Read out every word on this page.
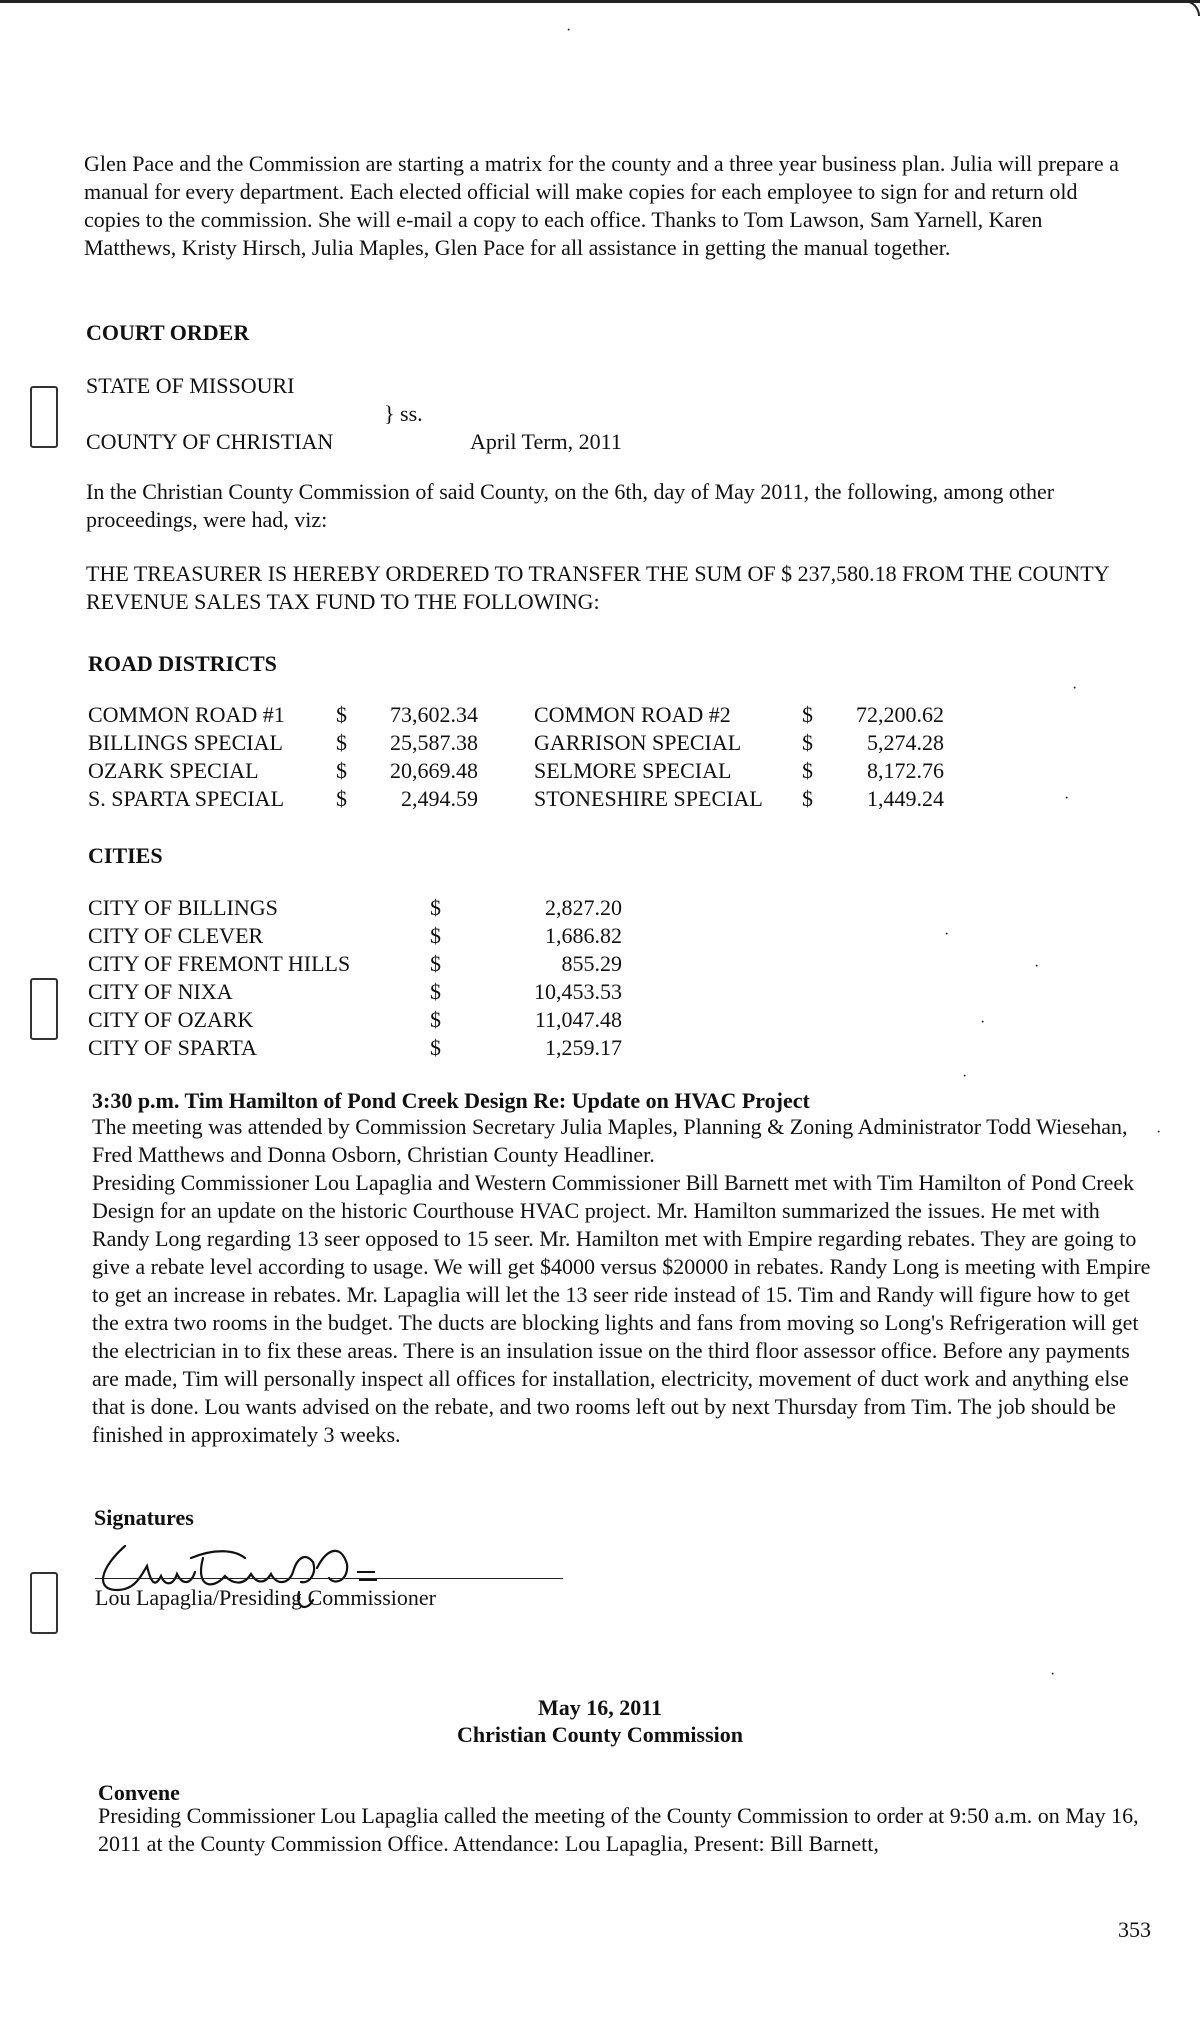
Glen Pace and the Commission are starting a matrix for the county and a three year business plan. Julia will prepare a manual for every department. Each elected official will make copies for each employee to sign for and return old copies to the commission. She will e-mail a copy to each office. Thanks to Tom Lawson, Sam Yarnell, Karen Matthews, Kristy Hirsch, Julia Maples, Glen Pace for all assistance in getting the manual together.
COURT ORDER
STATE OF MISSOURI
} ss.
COUNTY OF CHRISTIAN	April Term, 2011
In the Christian County Commission of said County, on the 6th, day of May 2011, the following, among other proceedings, were had, viz:
THE TREASURER IS HEREBY ORDERED TO TRANSFER THE SUM OF $ 237,580.18 FROM THE COUNTY REVENUE SALES TAX FUND TO THE FOLLOWING:
ROAD DISTRICTS
COMMON ROAD #1 $	73,602.34	COMMON ROAD #2	$	72,200.62
BILLINGS SPECIAL $	25,587.38	GARRISON SPECIAL	$	5,274.28
OZARK SPECIAL	$	20,669.48	SELMORE SPECIAL	$	8,172.76
S. SPARTA SPECIAL $	2,494.59	STONESHIRE SPECIAL $	1,449.24
CITIES
CITY OF BILLINGS	$	2,827.20
CITY OF CLEVER	$	1,686.82
CITY OF FREMONT HILLS	$	855.29
CITY OF NIXA	$	10,453.53
CITY OF OZARK	$	11,047.48
CITY OF SPARTA	$	1,259.17
3:30 p.m. Tim Hamilton of Pond Creek Design Re: Update on HVAC Project
The meeting was attended by Commission Secretary Julia Maples, Planning & Zoning Administrator Todd Wiesehan, Fred Matthews and Donna Osborn, Christian County Headliner.
Presiding Commissioner Lou Lapaglia and Western Commissioner Bill Barnett met with Tim Hamilton of Pond Creek Design for an update on the historic Courthouse HVAC project. Mr. Hamilton summarized the issues. He met with Randy Long regarding 13 seer opposed to 15 seer. Mr. Hamilton met with Empire regarding rebates. They are going to give a rebate level according to usage. We will get $4000 versus $20000 in rebates. Randy Long is meeting with Empire to get an increase in rebates. Mr. Lapaglia will let the 13 seer ride instead of 15. Tim and Randy will figure how to get the extra two rooms in the budget. The ducts are blocking lights and fans from moving so Long's Refrigeration will get the electrician in to fix these areas. There is an insulation issue on the third floor assessor office. Before any payments are made, Tim will personally inspect all offices for installation, electricity, movement of duct work and anything else that is done. Lou wants advised on the rebate, and two rooms left out by next Thursday from Tim. The job should be finished in approximately 3 weeks.
Signatures
Lou Lapaglia/Presiding Commissioner
May 16, 2011
Christian County Commission
Convene
Presiding Commissioner Lou Lapaglia called the meeting of the County Commission to order at 9:50 a.m. on May 16, 2011 at the County Commission Office. Attendance: Lou Lapaglia, Present: Bill Barnett,
353
·
·
·
·
·
·
·
·
·
